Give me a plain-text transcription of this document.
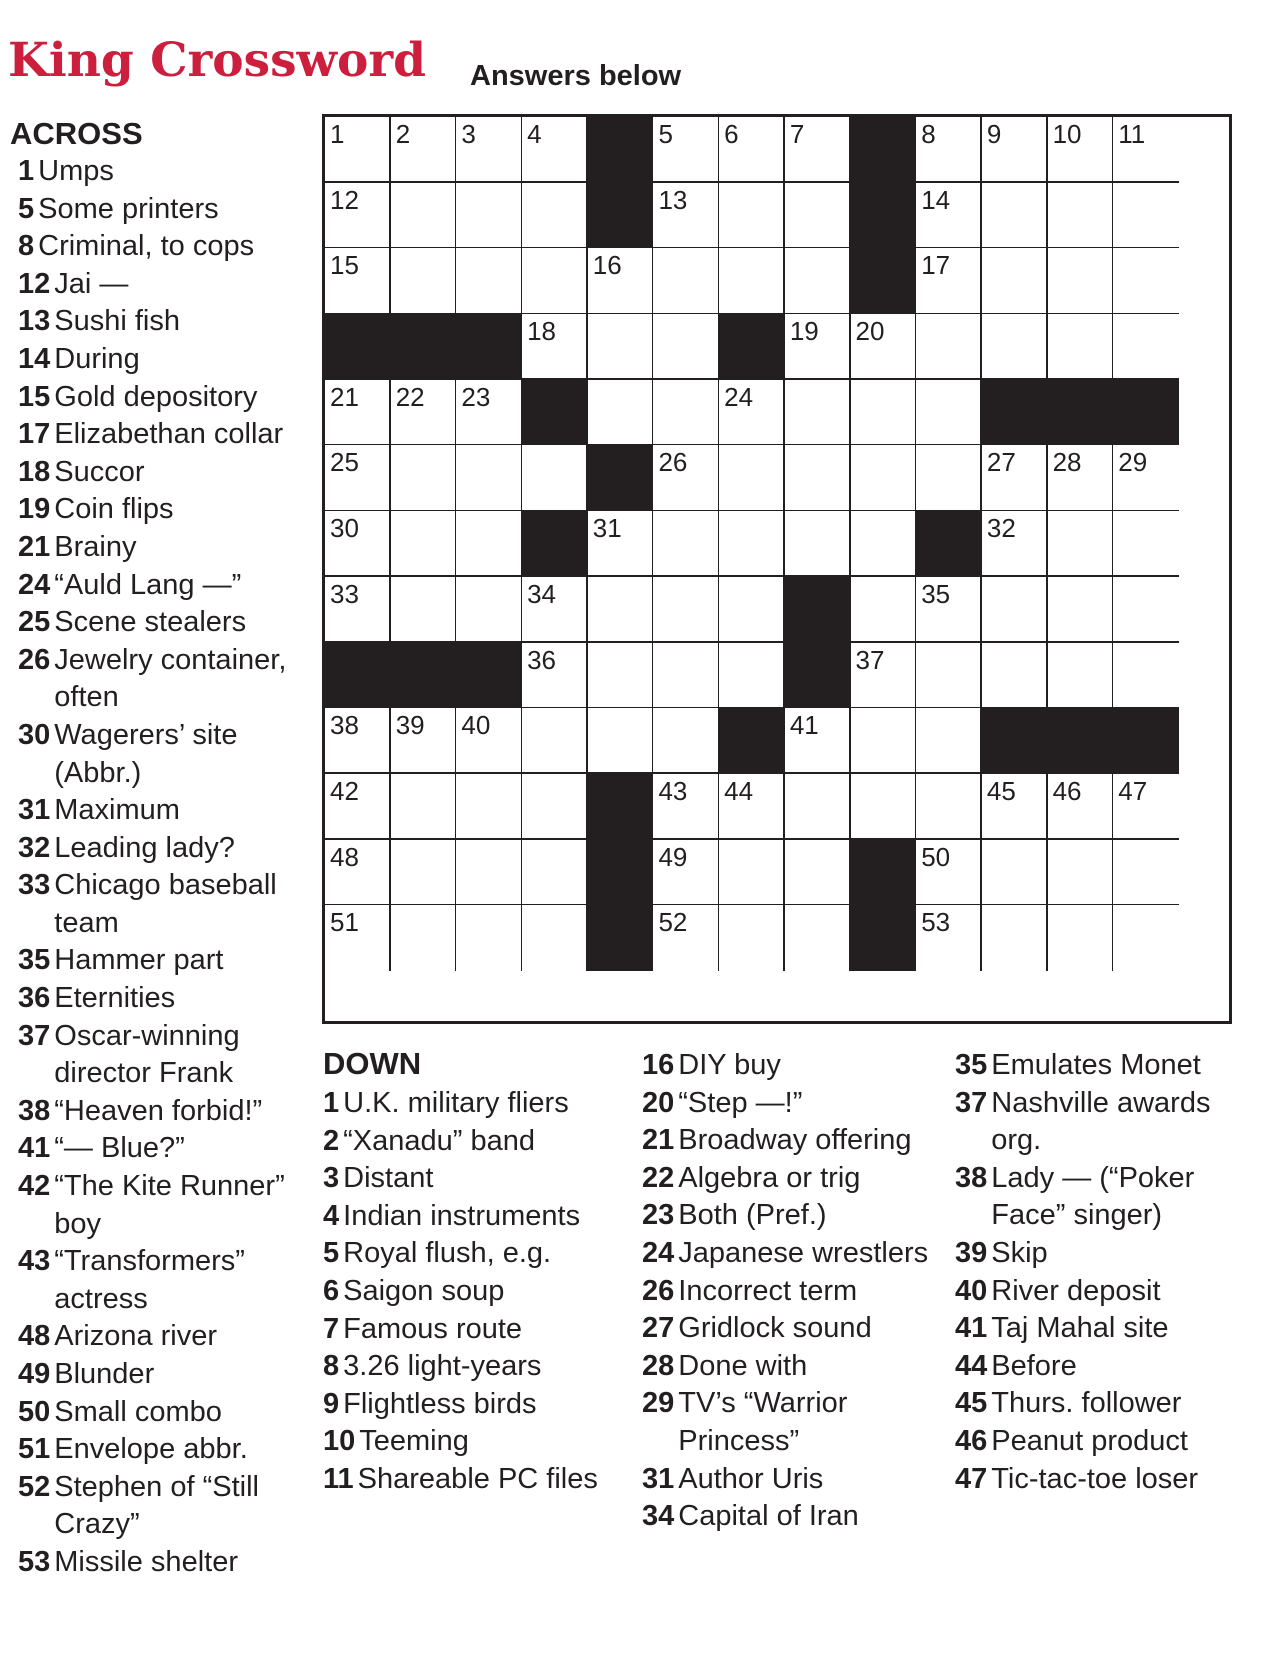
King Crossword Answers below
ACROSS
1 Umps
5 Some printers
8 Criminal, to cops
12 Jai —
13 Sushi fish
14 During
15 Gold depository
17 Elizabethan collar
18 Succor
19 Coin flips
21 Brainy
24 “Auld Lang —”
25 Scene stealers
26 Jewelry container, often
30 Wagerers’ site (Abbr.)
31 Maximum
32 Leading lady?
33 Chicago baseball team
35 Hammer part
36 Eternities
37 Oscar-winning director Frank
38 “Heaven forbid!”
41 “— Blue?”
42 “The Kite Runner” boy
43 “Transformers” actress
48 Arizona river
49 Blunder
50 Small combo
51 Envelope abbr.
52 Stephen of “Still Crazy”
53 Missile shelter
DOWN
1 U.K. military fliers
2 “Xanadu” band
3 Distant
4 Indian instruments
5 Royal flush, e.g.
6 Saigon soup
7 Famous route
8 3.26 light-years
9 Flightless birds
10 Teeming
11 Shareable PC files
16 DIY buy
20 “Step —!”
21 Broadway offering
22 Algebra or trig
23 Both (Pref.)
24 Japanese wrestlers
26 Incorrect term
27 Gridlock sound
28 Done with
29 TV’s “Warrior Princess”
31 Author Uris
34 Capital of Iran
35 Emulates Monet
37 Nashville awards org.
38 Lady — (“Poker Face” singer)
39 Skip
40 River deposit
41 Taj Mahal site
44 Before
45 Thurs. follower
46 Peanut product
47 Tic-tac-toe loser
1 2 3 4	5 6 7	8 9 10 11
12	13	14
15	16	17
18	19 20
21 22 23	24
25	26	27 28 29
30	31	32
33	34	35
36	37
38 39 40	41
42	43 44	45 46 47
48	49	50
51	52	53
